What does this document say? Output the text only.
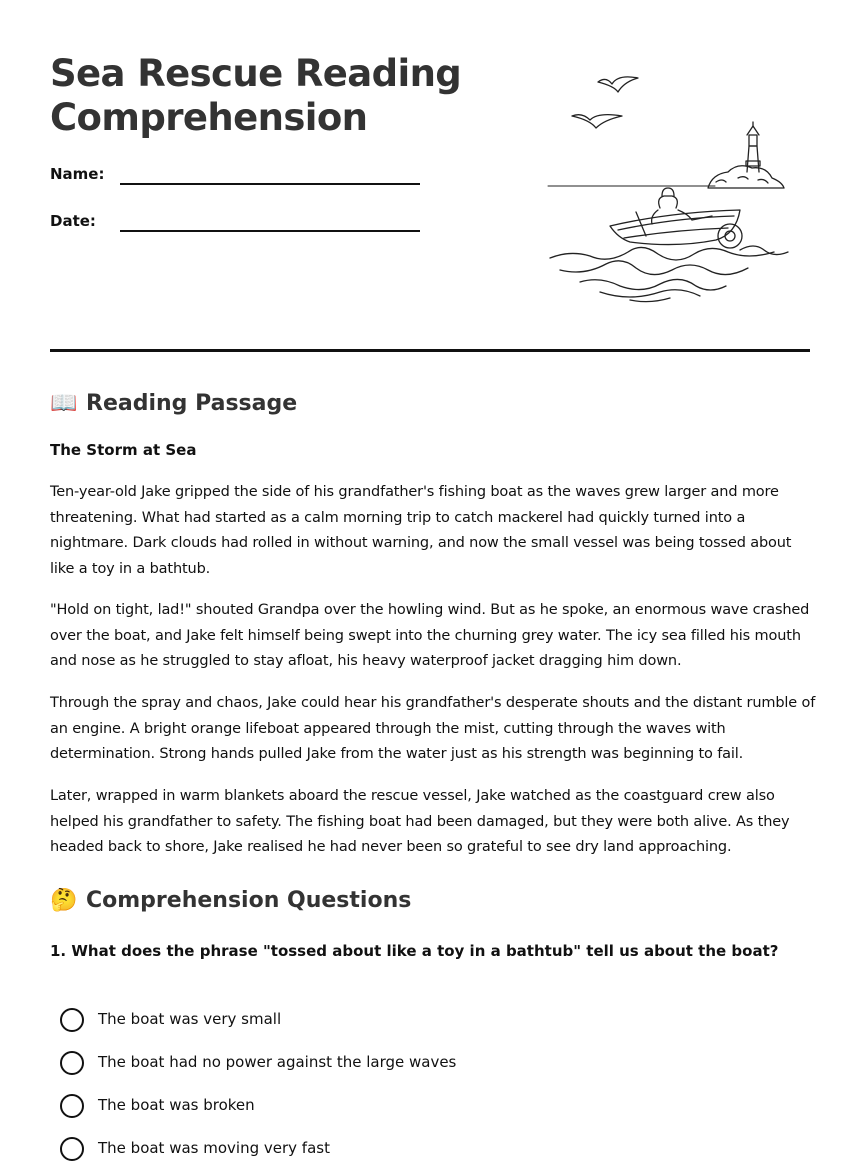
Sea Rescue Reading Comprehension
Name:
Date:
📖 Reading Passage
The Storm at Sea

Ten-year-old Jake gripped the side of his grandfather's fishing boat as the waves grew larger and more threatening. What had started as a calm morning trip to catch mackerel had quickly turned into a nightmare. Dark clouds had rolled in without warning, and now the small vessel was being tossed about like a toy in a bathtub.

"Hold on tight, lad!" shouted Grandpa over the howling wind. But as he spoke, an enormous wave crashed over the boat, and Jake felt himself being swept into the churning grey water. The icy sea filled his mouth and nose as he struggled to stay afloat, his heavy waterproof jacket dragging him down.

Through the spray and chaos, Jake could hear his grandfather's desperate shouts and the distant rumble of an engine. A bright orange lifeboat appeared through the mist, cutting through the waves with determination. Strong hands pulled Jake from the water just as his strength was beginning to fail.

Later, wrapped in warm blankets aboard the rescue vessel, Jake watched as the coastguard crew also helped his grandfather to safety. The fishing boat had been damaged, but they were both alive. As they headed back to shore, Jake realised he had never been so grateful to see dry land approaching.

🤔 Comprehension Questions
1. What does the phrase "tossed about like a toy in a bathtub" tell us about the boat?
The boat was very small
The boat had no power against the large waves
The boat was broken
The boat was moving very fast
